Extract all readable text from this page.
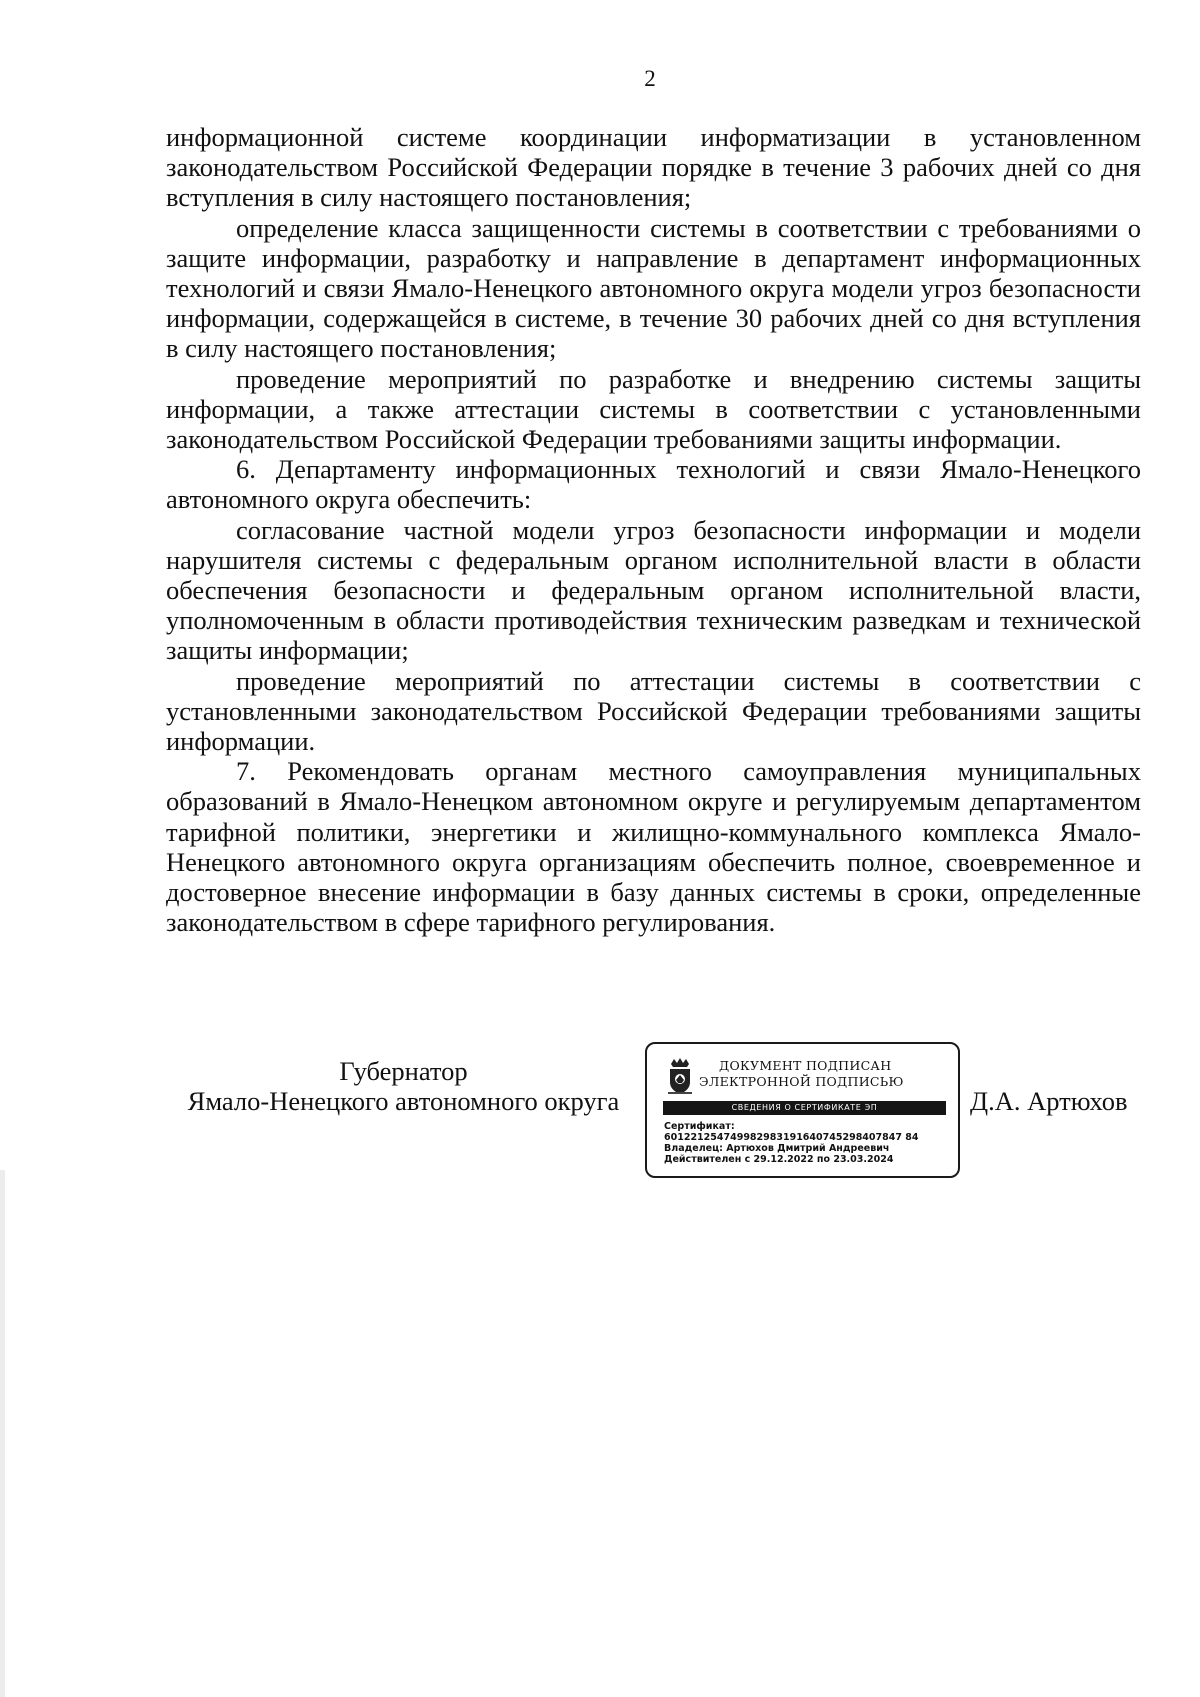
2

информационной системе координации информатизации в установленном законодательством Российской Федерации порядке в течение 3 рабочих дней со дня вступления в силу настоящего постановления;

определение класса защищенности системы в соответствии с требованиями о защите информации, разработку и направление в департамент информационных технологий и связи Ямало-Ненецкого автономного округа модели угроз безопасности информации, содержащейся в системе, в течение 30 рабочих дней со дня вступления в силу настоящего постановления;

проведение мероприятий по разработке и внедрению системы защиты информации, а также аттестации системы в соответствии с установленными законодательством Российской Федерации требованиями защиты информации.

6. Департаменту информационных технологий и связи Ямало-Ненецкого автономного округа обеспечить:

согласование частной модели угроз безопасности информации и модели нарушителя системы с федеральным органом исполнительной власти в области обеспечения безопасности и федеральным органом исполнительной власти, уполномоченным в области противодействия техническим разведкам и технической защиты информации;

проведение мероприятий по аттестации системы в соответствии с установленными законодательством Российской Федерации требованиями защиты информации.

7. Рекомендовать органам местного самоуправления муниципальных образований в Ямало-Ненецком автономном округе и регулируемым департаментом тарифной политики, энергетики и жилищно-коммунального комплекса Ямало-Ненецкого автономного округа организациям обеспечить полное, своевременное и достоверное внесение информации в базу данных системы в сроки, определенные законодательством в сфере тарифного регулирования.

Губернатор
Ямало-Ненецкого автономного округа
ДОКУМЕНТ ПОДПИСАН
ЭЛЕКТРОННОЙ ПОДПИСЬЮ
СВЕДЕНИЯ О СЕРТИФИКАТЕ ЭП
Сертификат:
601221254749982983191640745298407847 84
Владелец: Артюхов Дмитрий Андреевич
Действителен с 29.12.2022 по 23.03.2024
Д.А. Артюхов
